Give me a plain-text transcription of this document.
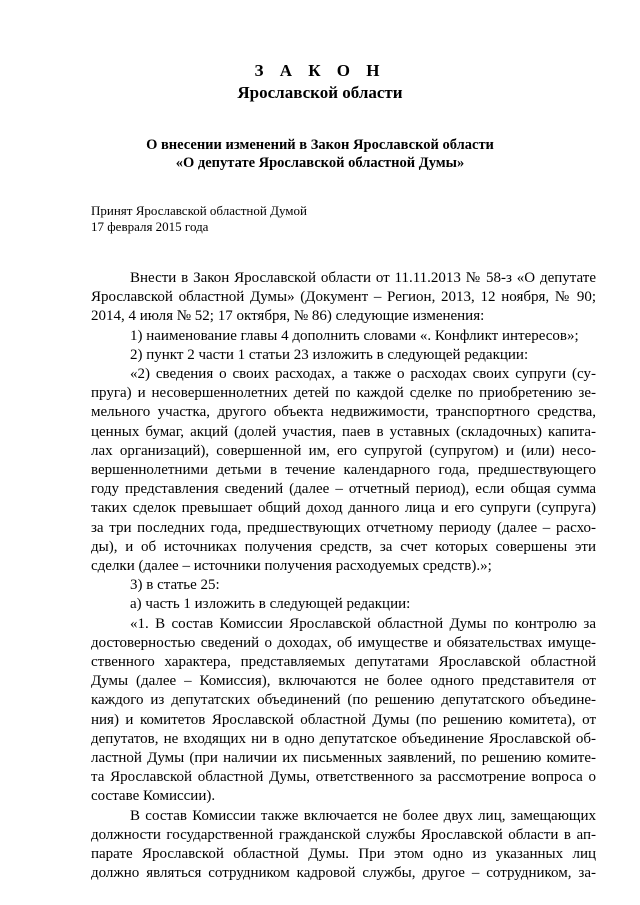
З А К О Н
Ярославской области
О внесении изменений в Закон Ярославской области
«О депутате Ярославской областной Думы»
Принят Ярославской областной Думой
17 февраля 2015 года
Внести в Закон Ярославской области от 11.11.2013 № 58-з «О депутате
Ярославской областной Думы» (Документ – Регион, 2013, 12 ноября, № 90;
2014, 4 июля № 52; 17 октября, № 86) следующие изменения:
1) наименование главы 4 дополнить словами «. Конфликт интересов»;
2) пункт 2 части 1 статьи 23 изложить в следующей редакции:
«2) сведения о своих расходах, а также о расходах своих супруги (су-
пруга) и несовершеннолетних детей по каждой сделке по приобретению зе-
мельного участка, другого объекта недвижимости, транспортного средства,
ценных бумаг, акций (долей участия, паев в уставных (складочных) капита-
лах организаций), совершенной им, его супругой (супругом) и (или) несо-
вершеннолетними детьми в течение календарного года, предшествующего
году представления сведений (далее – отчетный период), если общая сумма
таких сделок превышает общий доход данного лица и его супруги (супруга)
за три последних года, предшествующих отчетному периоду (далее – расхо-
ды), и об источниках получения средств, за счет которых совершены эти
сделки (далее – источники получения расходуемых средств).»;
3) в статье 25:
а) часть 1 изложить в следующей редакции:
«1. В состав Комиссии Ярославской областной Думы по контролю за
достоверностью сведений о доходах, об имуществе и обязательствах имуще-
ственного характера, представляемых депутатами Ярославской областной
Думы (далее – Комиссия), включаются не более одного представителя от
каждого из депутатских объединений (по решению депутатского объедине-
ния) и комитетов Ярославской областной Думы (по решению комитета), от
депутатов, не входящих ни в одно депутатское объединение Ярославской об-
ластной Думы (при наличии их письменных заявлений, по решению комите-
та Ярославской областной Думы, ответственного за рассмотрение вопроса о
составе Комиссии).
В состав Комиссии также включается не более двух лиц, замещающих
должности государственной гражданской службы Ярославской области в ап-
парате Ярославской областной Думы. При этом одно из указанных лиц
должно являться сотрудником кадровой службы, другое – сотрудником, за-
